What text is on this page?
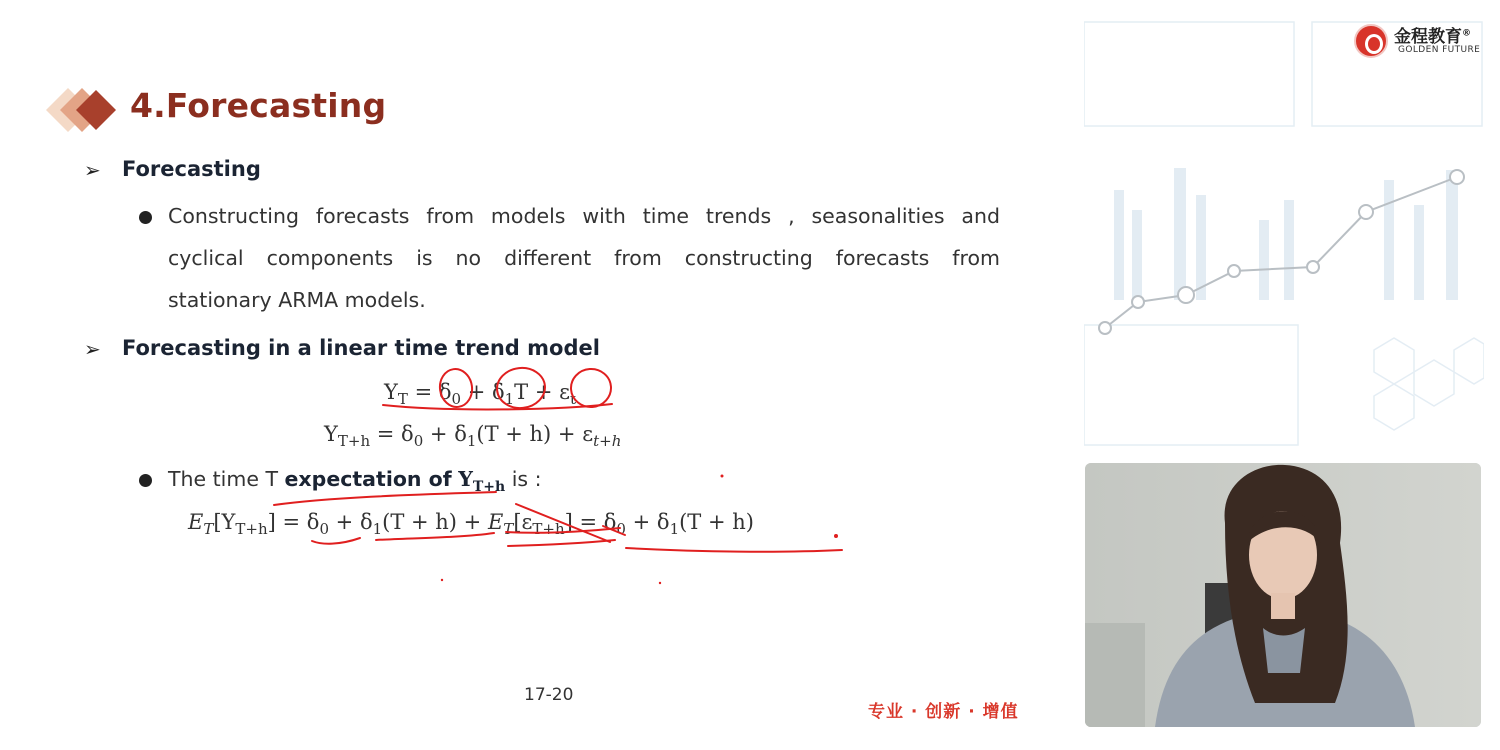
4.Forecasting
➢ Forecasting
Constructing forecasts from models with time trends , seasonalities and
cyclical components is no different from constructing forecasts from
stationary ARMA models.
➢ Forecasting in a linear time trend model
$Y_T = \delta_0 + \delta_1T + \varepsilon_t$
$Y_{T+h} = \delta_0 + \delta_1(T + h) + \varepsilon_{t+h}$
The time T expectation of $Y_{T+h}$ is :
$E_T[Y_{T+h}] = \delta_0 + \delta_1(T + h) + E_T[\varepsilon_{T+h}] = \delta_0 + \delta_1(T + h)$
17-20
专业 · 创新 · 增值
金程教育®
GOLDEN FUTURE
